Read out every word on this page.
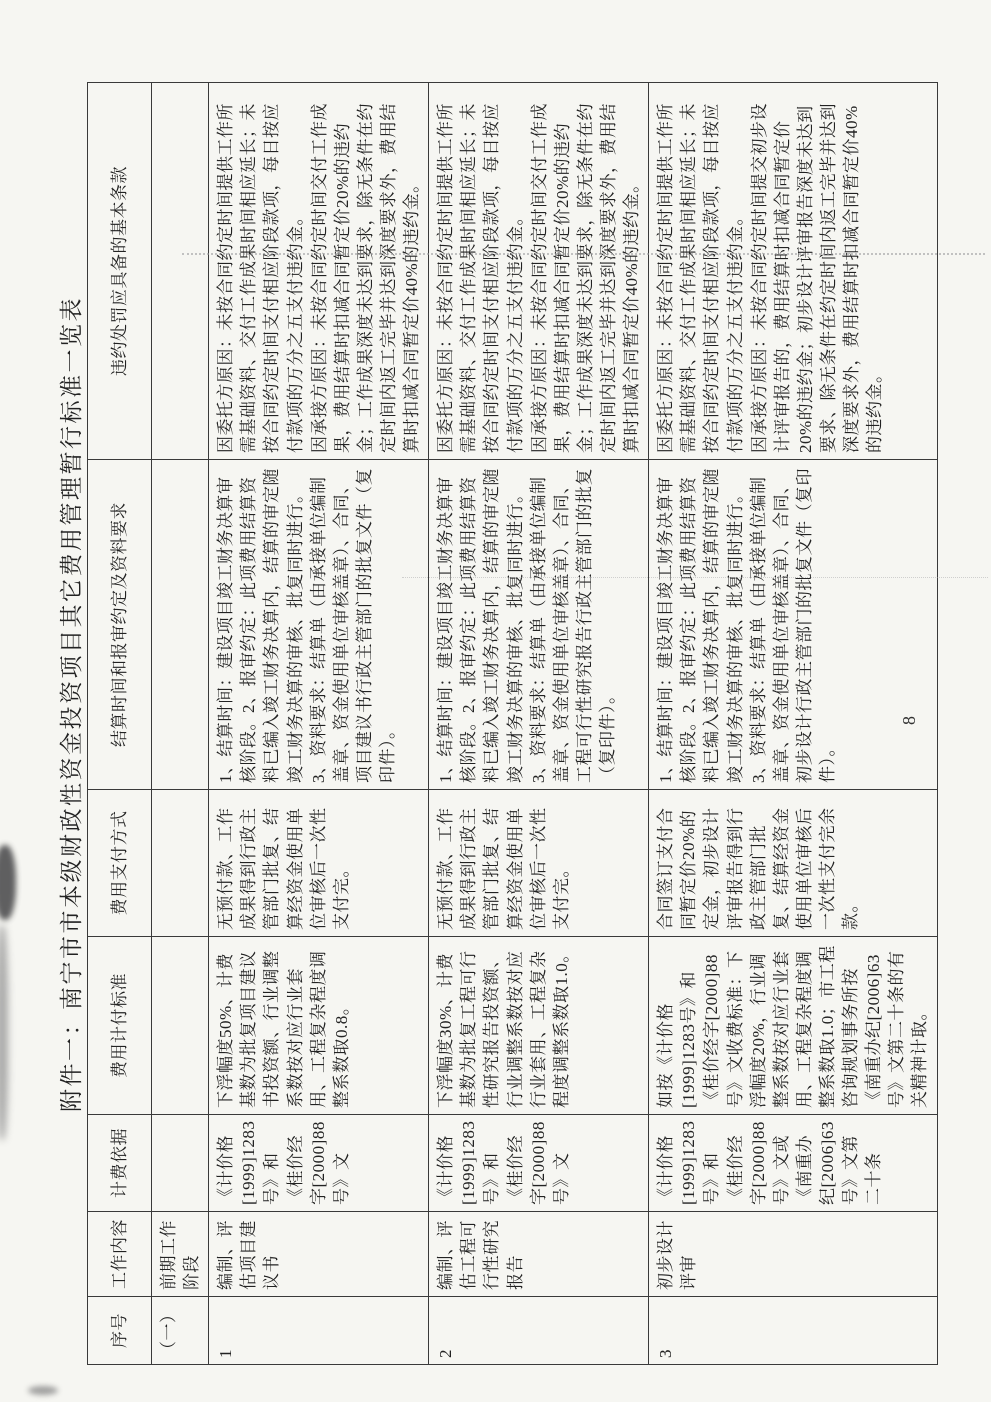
附件一：南宁市市本级财政性资金投资项目其它费用管理暂行标准一览表
序号	工作内容	计费依据	费用计付标准	费用支付方式	结算时间和报审约定及资料要求	违约处罚应具备的基本条款
（一）	前期工作阶段					
1	编制、评估项目建议书	《计价格[1999]1283号》和《桂价经字[2000]88号》文	下浮幅度50%、计费基数为批复项目建议书投资额、行业调整系数按对应行业套用、工程复杂程度调整系数取0.8。	无预付款、工作成果得到行政主管部门批复、结算经资金使用单位审核后一次性支付完。	1、结算时间：建设项目竣工财务决算审核阶段。2、报审约定：此项费用结算资料已编入竣工财务决算内，结算的审定随竣工财务决算的审核、批复同时进行。3、资料要求：结算单（由承接单位编制盖章、资金使用单位审核盖章）、合同、项目建议书行政主管部门的批复文件（复印件）。	因委托方原因：未按合同约定时间提供工作所需基础资料、交付工作成果时间相应延长；未按合同约定时间支付相应阶段款项，每日按应付款项的万分之五支付违约金。 因承接方原因：未按合同约定时间交付工作成果，费用结算时扣减合同暂定价20%的违约金；工作成果深度未达到要求，除无条件在约定时间内返工完毕并达到深度要求外，费用结算时扣减合同暂定价40%的违约金。

2	编制、评估工程可行性研究报告	《计价格[1999]1283号》和《桂价经字[2000]88号》文	下浮幅度30%、计费基数为批复工程可行性研究报告投资额、行业调整系数按对应行业套用、工程复杂程度调整系数取1.0。	无预付款、工作成果得到行政主管部门批复、结算经资金使用单位审核后一次性支付完。	1、结算时间：建设项目竣工财务决算审核阶段。2、报审约定：此项费用结算资料已编入竣工财务决算内，结算的审定随竣工财务决算的审核、批复同时进行。3、资料要求：结算单（由承接单位编制盖章、资金使用单位审核盖章）、合同、工程可行性研究报告行政主管部门的批复（复印件）。	因委托方原因：未按合同约定时间提供工作所需基础资料、交付工作成果时间相应延长；未按合同约定时间支付相应阶段款项，每日按应付款项的万分之五支付违约金。 因承接方原因：未按合同约定时间交付工作成果，费用结算时扣减合同暂定价20%的违约金；工作成果深度未达到要求，除无条件在约定时间内返工完毕并达到深度要求外，费用结算时扣减合同暂定价40%的违约金。

3	初步设计评审	《计价格[1999]1283号》和《桂价经字[2000]88号》文或《南重办纪[2006]63号》文第二十条	如按《计价格[1999]1283号》和《桂价经字[2000]88号》文收费标准：下浮幅度20%，行业调整系数按对应行业套用、工程复杂程度调整系数取1.0；市工程咨询规划事务所按《南重办纪[2006]63号》文第二十条的有关精神计取。	合同签订支付合同暂定价20%的定金，初步设计评审报告得到行政主管部门批复、结算经资金使用单位审核后一次性支付完余款。	1、结算时间：建设项目竣工财务决算审核阶段。2、报审约定：此项费用结算资料已编入竣工财务决算内，结算的审定随竣工财务决算的审核、批复同时进行。3、资料要求：结算单（由承接单位编制盖章、资金使用单位审核盖章）、合同、初步设计行政主管部门的批复文件（复印件）。	因委托方原因：未按合同约定时间提供工作所需基础资料、交付工作成果时间相应延长；未按合同约定时间支付相应阶段款项，每日按应付款项的万分之五支付违约金。 因承接方原因：未按合同约定时间提交初步设计评审报告的，费用结算时扣减合同暂定价20%的违约金；初步设计评审报告深度未达到要求、除无条件在约定时间内返工完毕并达到深度要求外，费用结算时扣减合同暂定价40%的违约金。
8
